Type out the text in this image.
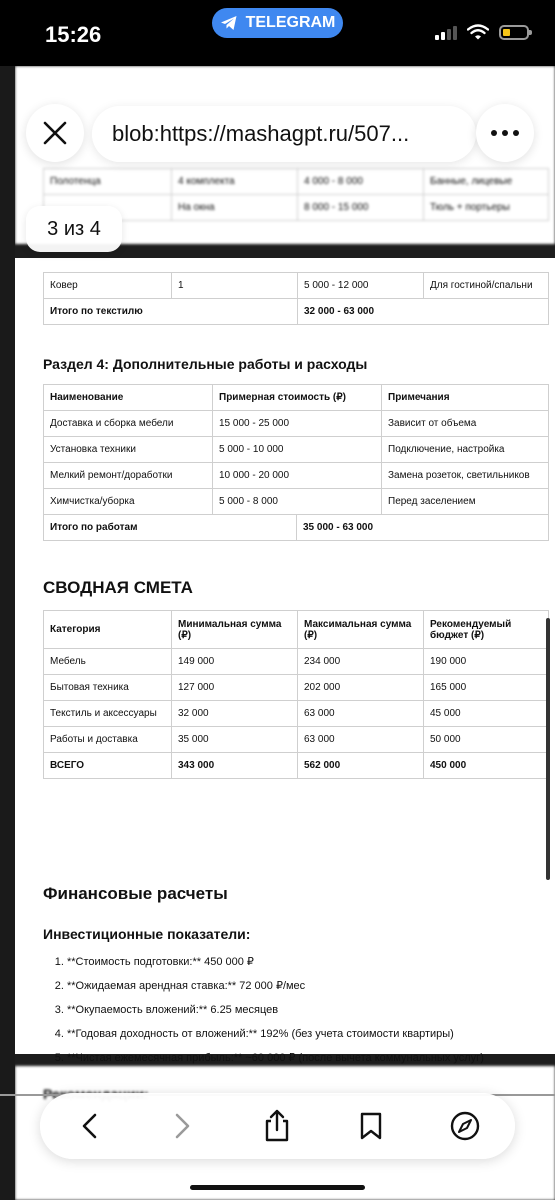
15:26	TELEGRAM
Полотенца	4 комплекта	4 000 - 8 000	Банные, лицевые
	На окна	8 000 - 15 000	Тюль + портьеры
Ковер	1	5 000 - 12 000	Для гостиной/спальни
Итого по текстилю		32 000 - 63 000	
Раздел 4: Дополнительные работы и расходы
Наименование	Примерная стоимость (₽)	Примечания
Доставка и сборка мебели	15 000 - 25 000	Зависит от объема
Установка техники	5 000 - 10 000	Подключение, настройка
Мелкий ремонт/доработки	10 000 - 20 000	Замена розеток, светильников
Химчистка/уборка	5 000 - 8 000	Перед заселением
Итого по работам	35 000 - 63 000
СВОДНАЯ СМЕТА
Категория	Минимальная сумма (₽)	Максимальная сумма (₽)	Рекомендуемый бюджет (₽)
Мебель	149 000	234 000	190 000
Бытовая техника	127 000	202 000	165 000
Текстиль и аксессуары	32 000	63 000	45 000
Работы и доставка	35 000	63 000	50 000
ВСЕГО	343 000	562 000	450 000
Финансовые расчеты
Инвестиционные показатели:
1. **Стоимость подготовки:** 450 000 ₽
2. **Ожидаемая арендная ставка:** 72 000 ₽/мес
3. **Окупаемость вложений:** 6.25 месяцев
4. **Годовая доходность от вложений:** 192% (без учета стоимости квартиры)
5. **Чистая ежемесячная прибыль:** ~60 000 ₽ (после вычета коммунальных услуг)
blob:https://mashagpt.ru/507...
3 из 4
